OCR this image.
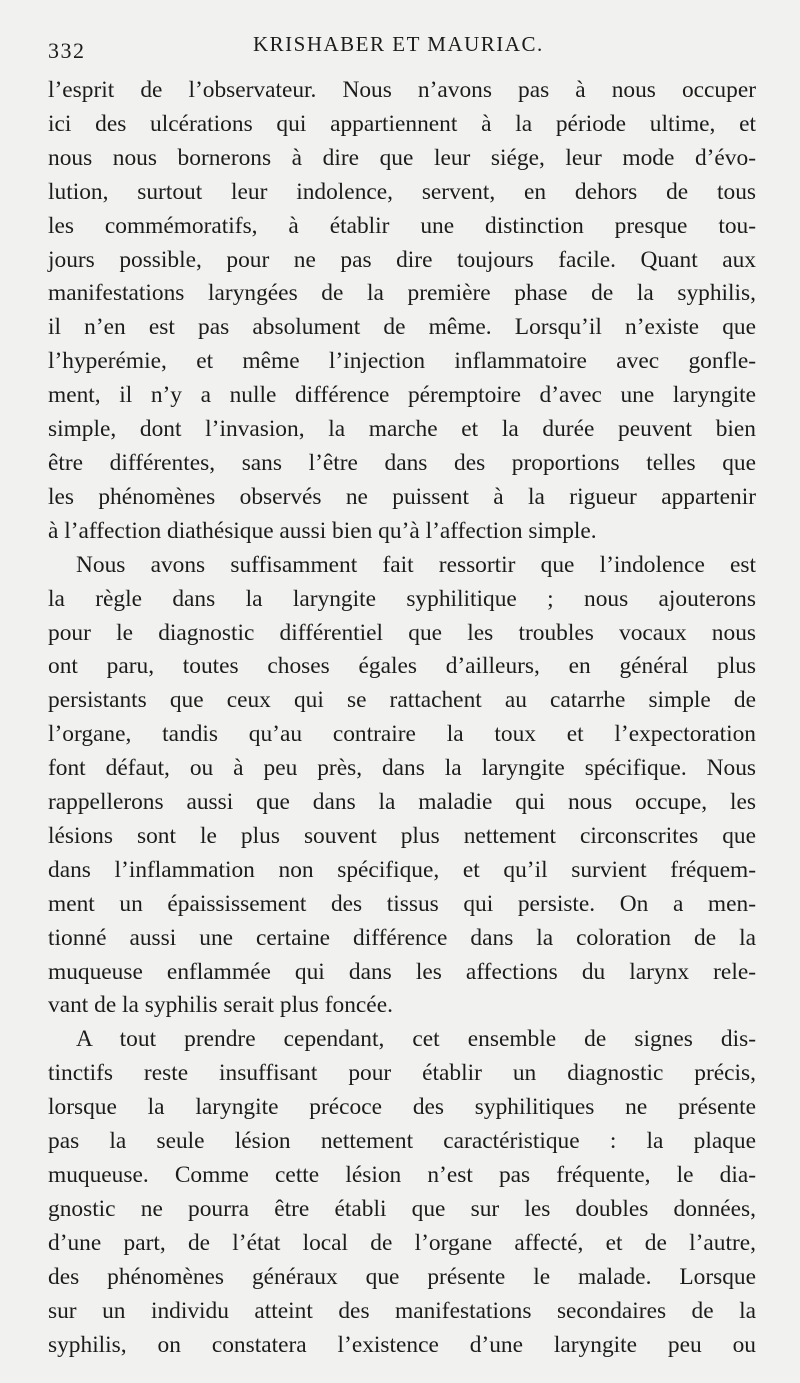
332	KRISHABER ET MAURIAC.

l’esprit de l’observateur. Nous n’avons pas à nous occuper

ici des ulcérations qui appartiennent à la période ultime, et

nous nous bornerons à dire que leur siége, leur mode d’évo-

lution, surtout leur indolence, servent, en dehors de tous

les commémoratifs, à établir une distinction presque tou-

jours possible, pour ne pas dire toujours facile. Quant aux

manifestations laryngées de la première phase de la syphilis,

il n’en est pas absolument de même. Lorsqu’il n’existe que

l’hyperémie, et même l’injection inflammatoire avec gonfle-

ment, il n’y a nulle différence péremptoire d’avec une laryngite

simple, dont l’invasion, la marche et la durée peuvent bien

être différentes, sans l’être dans des proportions telles que

les phénomènes observés ne puissent à la rigueur appartenir

à l’affection diathésique aussi bien qu’à l’affection simple.

Nous avons suffisamment fait ressortir que l’indolence est

la règle dans la laryngite syphilitique ; nous ajouterons

pour le diagnostic différentiel que les troubles vocaux nous

ont paru, toutes choses égales d’ailleurs, en général plus

persistants que ceux qui se rattachent au catarrhe simple de

l’organe, tandis qu’au contraire la toux et l’expectoration

font défaut, ou à peu près, dans la laryngite spécifique. Nous

rappellerons aussi que dans la maladie qui nous occupe, les

lésions sont le plus souvent plus nettement circonscrites que

dans l’inflammation non spécifique, et qu’il survient fréquem-

ment un épaississement des tissus qui persiste. On a men-

tionné aussi une certaine différence dans la coloration de la

muqueuse enflammée qui dans les affections du larynx rele-

vant de la syphilis serait plus foncée.

A tout prendre cependant, cet ensemble de signes dis-

tinctifs reste insuffisant pour établir un diagnostic précis,

lorsque la laryngite précoce des syphilitiques ne présente

pas la seule lésion nettement caractéristique : la plaque

muqueuse. Comme cette lésion n’est pas fréquente, le dia-

gnostic ne pourra être établi que sur les doubles données,

d’une part, de l’état local de l’organe affecté, et de l’autre,

des phénomènes généraux que présente le malade. Lorsque

sur un individu atteint des manifestations secondaires de la

syphilis, on constatera l’existence d’une laryngite peu ou
